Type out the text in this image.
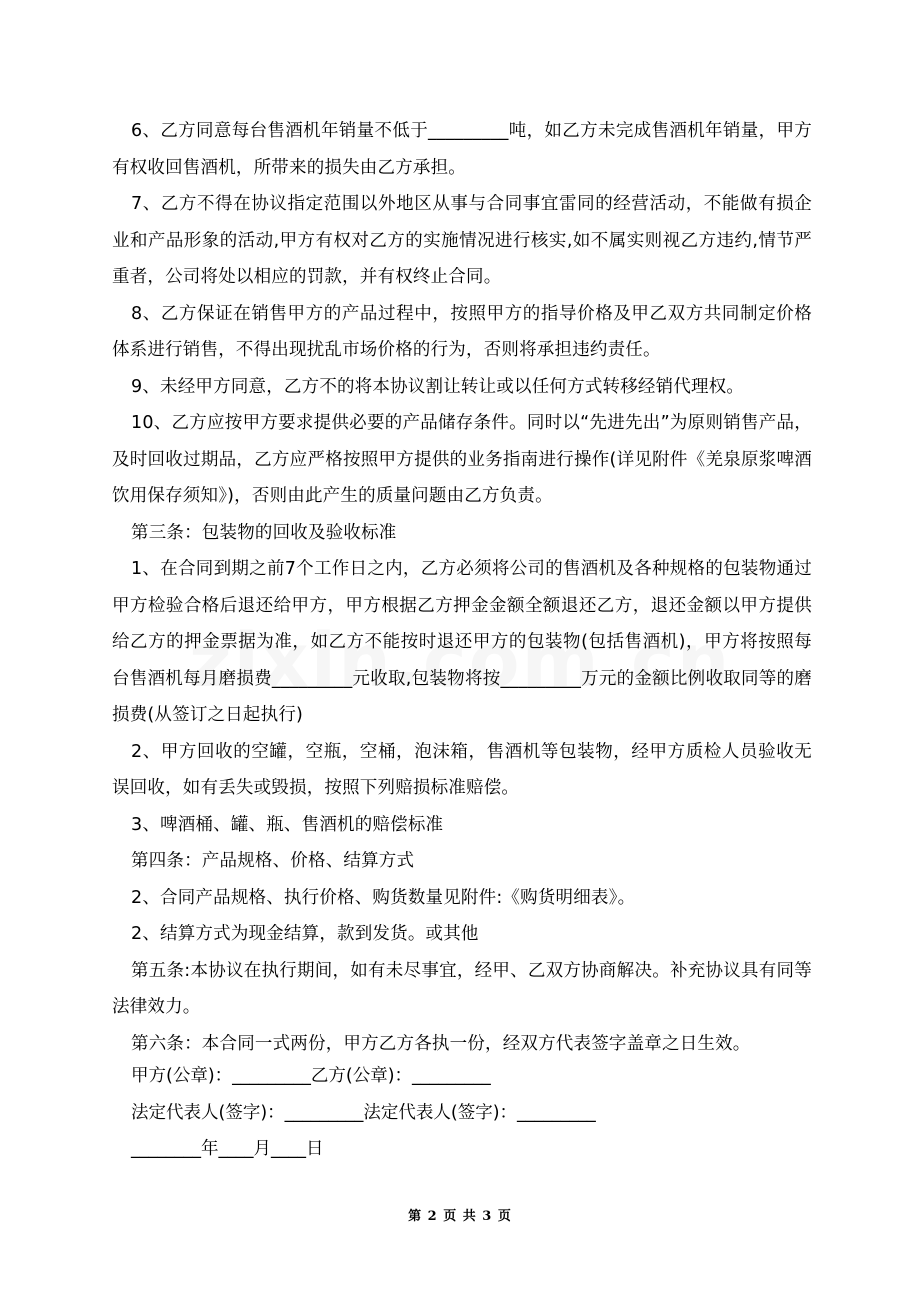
6、乙方同意每台售酒机年销量不低于_________吨，如乙方未完成售酒机年销量，甲方有权收回售酒机，所带来的损失由乙方承担。

7、乙方不得在协议指定范围以外地区从事与合同事宜雷同的经营活动，不能做有损企业和产品形象的活动,甲方有权对乙方的实施情况进行核实,如不属实则视乙方违约,情节严重者，公司将处以相应的罚款，并有权终止合同。

8、乙方保证在销售甲方的产品过程中，按照甲方的指导价格及甲乙双方共同制定价格体系进行销售，不得出现扰乱市场价格的行为，否则将承担违约责任。

9、未经甲方同意，乙方不的将本协议割让转让或以任何方式转移经销代理权。

10、乙方应按甲方要求提供必要的产品储存条件。同时以“先进先出”为原则销售产品，及时回收过期品，乙方应严格按照甲方提供的业务指南进行操作(详见附件《羌泉原浆啤酒饮用保存须知》)，否则由此产生的质量问题由乙方负责。

第三条：包装物的回收及验收标准

1、在合同到期之前7个工作日之内，乙方必须将公司的售酒机及各种规格的包装物通过甲方检验合格后退还给甲方，甲方根据乙方押金金额全额退还乙方，退还金额以甲方提供给乙方的押金票据为准，如乙方不能按时退还甲方的包装物(包括售酒机)，甲方将按照每台售酒机每月磨损费_________元收取,包装物将按_________万元的金额比例收取同等的磨损费(从签订之日起执行)

2、甲方回收的空罐，空瓶，空桶，泡沫箱，售酒机等包装物，经甲方质检人员验收无误回收，如有丢失或毁损，按照下列赔损标准赔偿。

3、啤酒桶、罐、瓶、售酒机的赔偿标准

第四条：产品规格、价格、结算方式

2、合同产品规格、执行价格、购货数量见附件:《购货明细表》。

2、结算方式为现金结算，款到发货。或其他

第五条:本协议在执行期间，如有未尽事宜，经甲、乙双方协商解决。补充协议具有同等法律效力。

第六条：本合同一式两份，甲方乙方各执一份，经双方代表签字盖章之日生效。

甲方(公章)：_________乙方(公章)：_________

法定代表人(签字)：_________法定代表人(签字)：_________

________年____月____日

第 2 页 共 3 页
